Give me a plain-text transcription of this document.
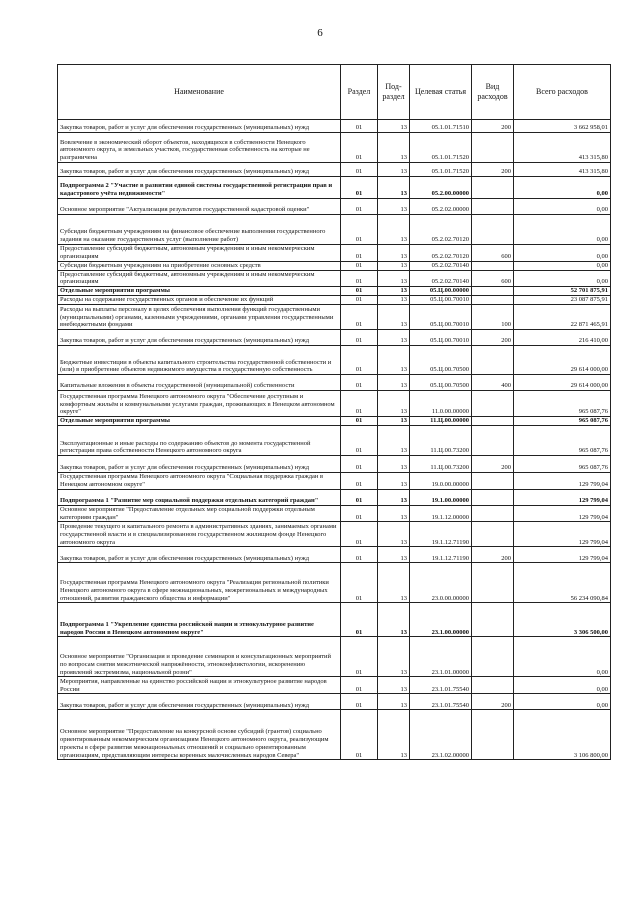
6
Наименование	Раздел	Под-раздел	Целевая статья	Вид расходов	Всего расходов
Закупка товаров, работ и услуг для обеспечения государственных (муниципальных) нужд	01	13	05.1.01.71510	200	3 662 958,01
Вовлечение в экономический оборот объектов, находящихся в собственности Ненецкого автономного округа, и земельных участков, государственная собственность на которые не разграничена	01	13	05.1.01.71520		413 315,80
Закупка товаров, работ и услуг для обеспечения государственных (муниципальных) нужд	01	13	05.1.01.71520	200	413 315,80
Подпрограмма 2 "Участие в развитии единой системы государственной регистрации прав и кадастрового учёта недвижимости"	01	13	05.2.00.00000		0,00
Основное мероприятие "Актуализация результатов государственной кадастровой оценки"	01	13	05.2.02.00000		0,00
Субсидии бюджетным учреждениям на финансовое обеспечение выполнения государственного задания на оказание государственных услуг (выполнение работ)	01	13	05.2.02.70120		0,00
Предоставление субсидий бюджетным, автономным учреждениям и иным некоммерческим организациям	01	13	05.2.02.70120	600	0,00
Субсидии бюджетным учреждениям на приобретение основных средств	01	13	05.2.02.70140		0,00
Предоставление субсидий бюджетным, автономным учреждениям и иным некоммерческим организациям	01	13	05.2.02.70140	600	0,00
Отдельные мероприятия программы	01	13	05.Ц.00.00000		52 701 875,91
Расходы на содержание государственных органов и обеспечение их функций	01	13	05.Ц.00.70010		23 087 875,91
Расходы на выплаты персоналу в целях обеспечения выполнения функций государственными (муниципальными) органами, казенными учреждениями, органами управления государственными внебюджетными фондами	01	13	05.Ц.00.70010	100	22 871 465,91
Закупка товаров, работ и услуг для обеспечения государственных (муниципальных) нужд	01	13	05.Ц.00.70010	200	216 410,00
Бюджетные инвестиции в объекты капитального строительства государственной собственности и (или) в приобретение объектов недвижимого имущества в государственную собственность	01	13	05.Ц.00.70500		29 614 000,00
Капитальные вложения в объекты государственной (муниципальной) собственности	01	13	05.Ц.00.70500	400	29 614 000,00
Государственная программа Ненецкого автономного округа "Обеспечение доступным и комфортным жильём и коммунальными услугами граждан, проживающих в Ненецком автономном округе"	01	13	11.0.00.00000		965 087,76
Отдельные мероприятия программы	01	13	11.Ц.00.00000		965 087,76
Эксплуатационные и иные расходы по содержанию объектов до момента государственной регистрации права собственности Ненецкого автономного округа	01	13	11.Ц.00.73200		965 087,76
Закупка товаров, работ и услуг для обеспечения государственных (муниципальных) нужд	01	13	11.Ц.00.73200	200	965 087,76
Государственная программа Ненецкого автономного округа "Социальная поддержка граждан в Ненецком автономном округе"	01	13	19.0.00.00000		129 799,04
Подпрограмма 1 "Развитие мер социальной поддержки отдельных категорий граждан"	01	13	19.1.00.00000		129 799,04
Основное мероприятие "Предоставление отдельных мер социальной поддержки отдельным категориям граждан"	01	13	19.1.12.00000		129 799,04
Проведение текущего и капитального ремонта в административных зданиях, занимаемых органами государственной власти и в специализированном государственном жилищном фонде Ненецкого автономного округа	01	13	19.1.12.71190		129 799,04
Закупка товаров, работ и услуг для обеспечения государственных (муниципальных) нужд	01	13	19.1.12.71190	200	129 799,04
Государственная программа Ненецкого автономного округа "Реализация региональной политики Ненецкого автономного округа в сфере межнациональных, межрегиональных и международных отношений, развития гражданского общества и информации"	01	13	23.0.00.00000		56 234 090,84
Подпрограмма 1 "Укрепление единства российской нации и этнокультурное развитие народов России в Ненецком автономном округе"	01	13	23.1.00.00000		3 306 500,00
Основное мероприятие "Организация и проведение семинаров и консультационных мероприятий по вопросам снятия межэтнической напряжённости, этноконфликтологии, искоренению проявлений экстремизма, национальной розни"	01	13	23.1.01.00000		0,00
Мероприятия, направленные на единство российской нации и этнокультурное развитие народов России	01	13	23.1.01.75540		0,00
Закупка товаров, работ и услуг для обеспечения государственных (муниципальных) нужд	01	13	23.1.01.75540	200	0,00
Основное мероприятие "Предоставление на конкурсной основе субсидий (грантов) социально ориентированным некоммерческим организациям Ненецкого автономного округа, реализующим проекты в сфере развития межнациональных отношений и социально ориентированным организациям, представляющим интересы коренных малочисленных народов Севера"	01	13	23.1.02.00000		3 106 800,00
